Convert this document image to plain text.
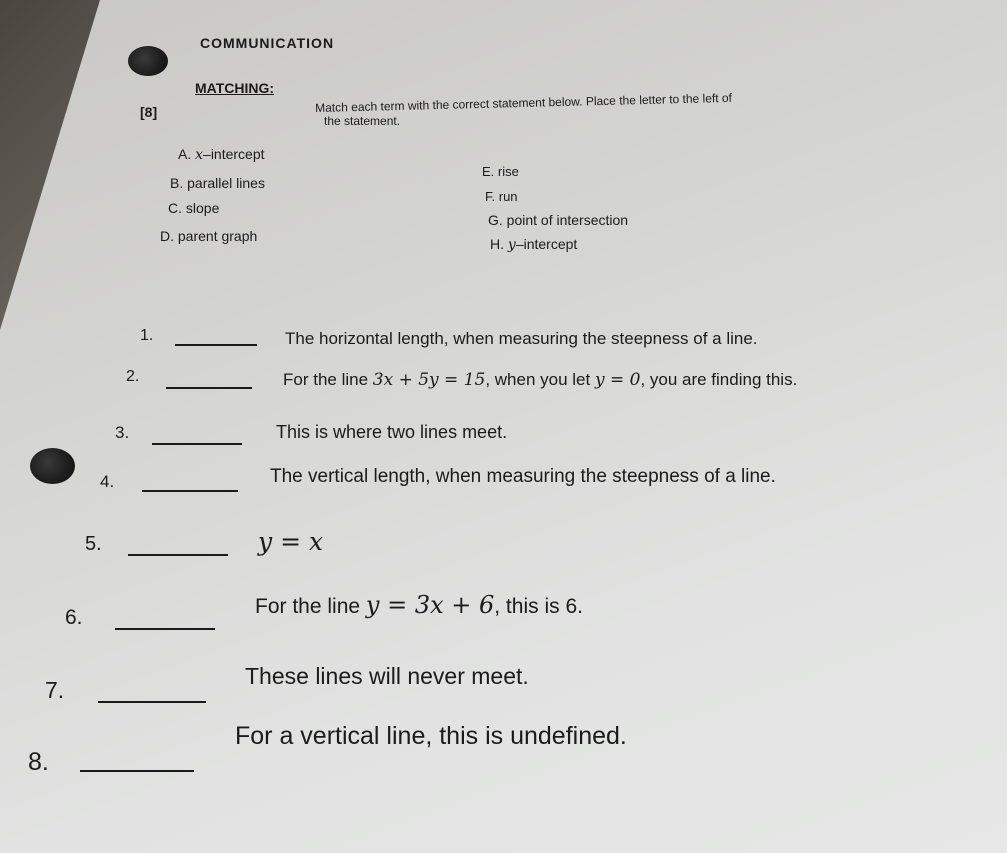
COMMUNICATION
MATCHING:
Match each term with the correct statement below. Place the letter to the left of
the statement.
[8]
A. x–intercept
B. parallel lines
C. slope
D. parent graph
E. rise
F. run
G. point of intersection
H. y–intercept
1.	The horizontal length, when measuring the steepness of a line.
2.	For the line 3x + 5y = 15, when you let y = 0, you are finding this.
3.	This is where two lines meet.
4.	The vertical length, when measuring the steepness of a line.
5.	y = x
6.	For the line y = 3x + 6, this is 6.
7.
These lines will never meet.
8.
For a vertical line, this is undefined.
